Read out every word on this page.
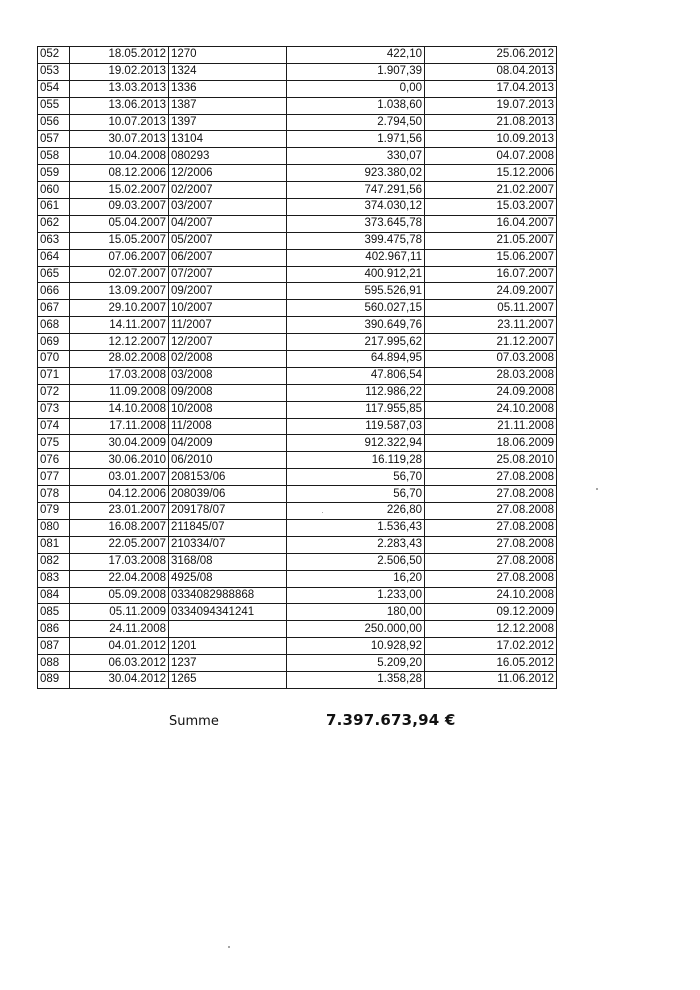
052	18.05.2012	1270	422,10	25.06.2012
053	19.02.2013	1324	1.907,39	08.04.2013
054	13.03.2013	1336	0,00	17.04.2013
055	13.06.2013	1387	1.038,60	19.07.2013
056	10.07.2013	1397	2.794,50	21.08.2013
057	30.07.2013	13104	1.971,56	10.09.2013
058	10.04.2008	080293	330,07	04.07.2008
059	08.12.2006	12/2006	923.380,02	15.12.2006
060	15.02.2007	02/2007	747.291,56	21.02.2007
061	09.03.2007	03/2007	374.030,12	15.03.2007
062	05.04.2007	04/2007	373.645,78	16.04.2007
063	15.05.2007	05/2007	399.475,78	21.05.2007
064	07.06.2007	06/2007	402.967,11	15.06.2007
065	02.07.2007	07/2007	400.912,21	16.07.2007
066	13.09.2007	09/2007	595.526,91	24.09.2007
067	29.10.2007	10/2007	560.027,15	05.11.2007
068	14.11.2007	11/2007	390.649,76	23.11.2007
069	12.12.2007	12/2007	217.995,62	21.12.2007
070	28.02.2008	02/2008	64.894,95	07.03.2008
071	17.03.2008	03/2008	47.806,54	28.03.2008
072	11.09.2008	09/2008	112.986,22	24.09.2008
073	14.10.2008	10/2008	117.955,85	24.10.2008
074	17.11.2008	11/2008	119.587,03	21.11.2008
075	30.04.2009	04/2009	912.322,94	18.06.2009
076	30.06.2010	06/2010	16.119,28	25.08.2010
077	03.01.2007	208153/06	56,70	27.08.2008
078	04.12.2006	208039/06	56,70	27.08.2008
079	23.01.2007	209178/07	226,80	27.08.2008
080	16.08.2007	211845/07	1.536,43	27.08.2008
081	22.05.2007	210334/07	2.283,43	27.08.2008
082	17.03.2008	3168/08	2.506,50	27.08.2008
083	22.04.2008	4925/08	16,20	27.08.2008
084	05.09.2008	0334082988868	1.233,00	24.10.2008
085	05.11.2009	0334094341241	180,00	09.12.2009
086	24.11.2008		250.000,00	12.12.2008
087	04.01.2012	1201	10.928,92	17.02.2012
088	06.03.2012	1237	5.209,20	16.05.2012
089	30.04.2012	1265	1.358,28	11.06.2012
Summe	7.397.673,94 €
